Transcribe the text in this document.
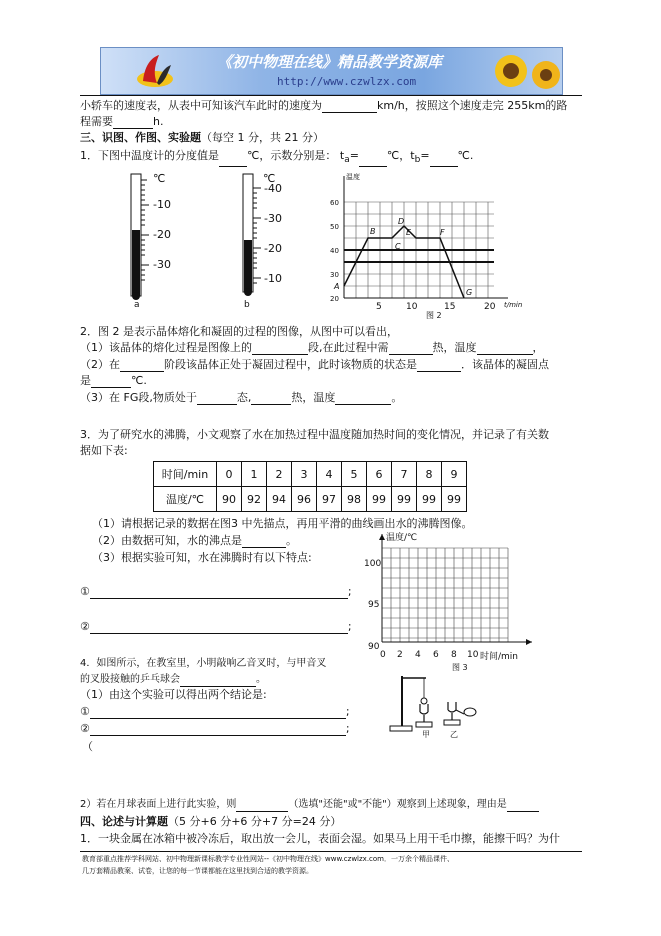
《初中物理在线》精品教学资源库
http://www.czwlzx.com
小轿车的速度表，从表中可知该汽车此时的速度为	km/h，按照这个速度走完 255km的路
程需要	h.
三、识图、作图、实验题（每空 1 分，共 21 分）
1．下图中温度计的分度值是	℃，示数分别是： $t_a=$	℃，$t_b=$	℃.
℃
-10
-20
-30
a
℃
-40
-30
-20
-10
b
温度
60
50
40
30
20
5	10	15	20 t/min
A
B
C
D
E	F
G
图 2
2．图 2 是表示晶体熔化和凝固的过程的图像，从图中可以看出，
（1）该晶体的熔化过程是图像上的	段,在此过程中需	热，温度	，
（2）在	阶段该晶体正处于凝固过程中，此时该物质的状态是	．该晶体的凝固点
是	℃.
（3）在 FG段,物质处于	态,	热，温度	。
3．为了研究水的沸腾，小文观察了水在加热过程中温度随加热时间的变化情况，并记录了有关数
据如下表:
时间/min	0	1	2	3	4	5	6	7	8	9
温度/℃	90	92	94	96	97	98	99	99	99	99
（1）请根据记录的数据在图3 中先描点，再用平滑的曲线画出水的沸腾图像。
（2）由数据可知，水的沸点是	。
（3）根据实验可知，水在沸腾时有以下特点:
①	;
②	;
温度/℃
100
95
90
0 2 4 6 8 10 时间/min
图 3
4．如图所示，在教室里，小明敲响乙音叉时，与甲音叉
的叉股接触的乒乓球会	。
（1）由这个实验可以得出两个结论是:
①	;
②	;
（
甲	乙
2）若在月球表面上进行此实验，则	（选填"还能"或"不能"）观察到上述现象，理由是
四、论述与计算题（5 分+6 分+6 分+7 分=24 分）
1．一块金属在冰箱中被冷冻后，取出放一会儿，表面会湿。如果马上用干毛巾擦，能擦干吗？为什
教育部重点推荐学科网站、初中物理新课标教学专业性网站--《初中物理在线》www.czwlzx.com．一万余个精品课件、
几万套精品教案、试卷，让您的每一节课都能在这里找到合适的教学资源。
